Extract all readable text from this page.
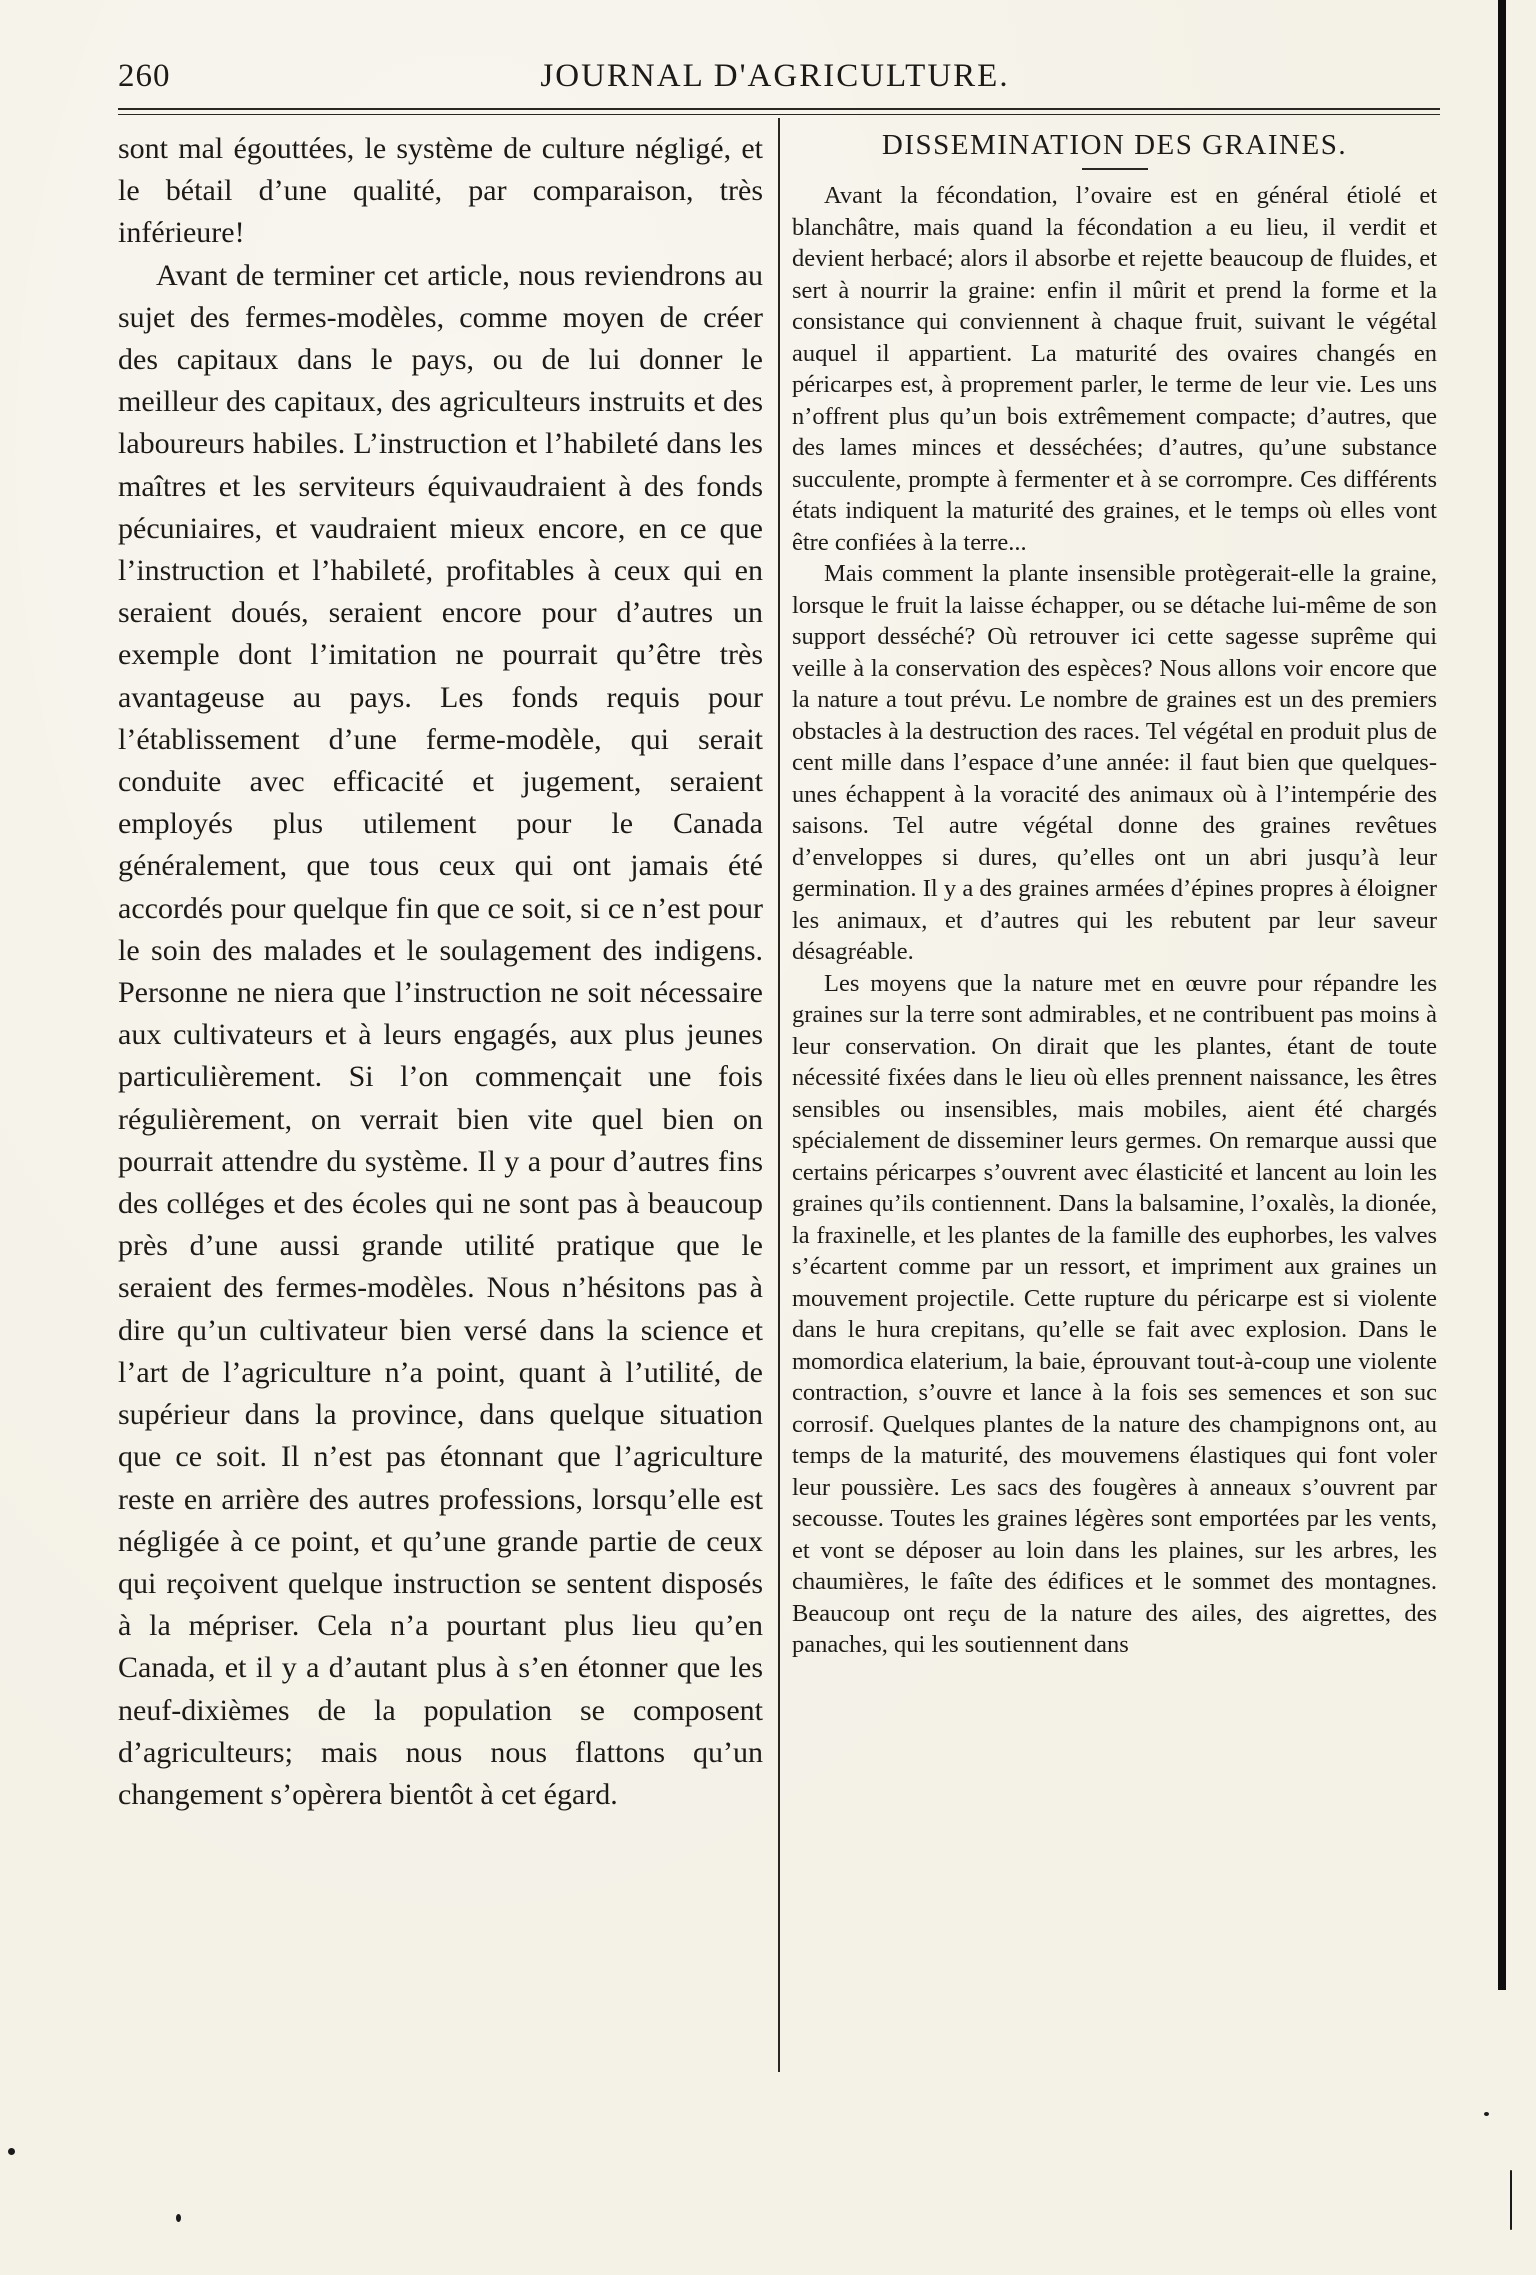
260	JOURNAL D'AGRICULTURE.

sont mal égouttées, le système de culture négligé, et le bétail d’une qualité, par comparaison, très inférieure!

Avant de terminer cet article, nous reviendrons au sujet des fermes-modèles, comme moyen de créer des capitaux dans le pays, ou de lui donner le meilleur des capitaux, des agriculteurs instruits et des laboureurs habiles. L’instruction et l’habileté dans les maîtres et les serviteurs équivaudraient à des fonds pécuniaires, et vaudraient mieux encore, en ce que l’instruction et l’habileté, profitables à ceux qui en seraient doués, seraient encore pour d’autres un exemple dont l’imitation ne pourrait qu’être très avantageuse au pays. Les fonds requis pour l’établissement d’une ferme-modèle, qui serait conduite avec efficacité et jugement, seraient employés plus utilement pour le Canada généralement, que tous ceux qui ont jamais été accordés pour quelque fin que ce soit, si ce n’est pour le soin des malades et le soulagement des indigens. Personne ne niera que l’instruction ne soit nécessaire aux cultivateurs et à leurs engagés, aux plus jeunes particulièrement. Si l’on commençait une fois régulièrement, on verrait bien vite quel bien on pourrait attendre du système. Il y a pour d’autres fins des colléges et des écoles qui ne sont pas à beaucoup près d’une aussi grande utilité pratique que le seraient des fermes-modèles. Nous n’hésitons pas à dire qu’un cultivateur bien versé dans la science et l’art de l’agriculture n’a point, quant à l’utilité, de supérieur dans la province, dans quelque situation que ce soit. Il n’est pas étonnant que l’agriculture reste en arrière des autres professions, lorsqu’elle est négligée à ce point, et qu’une grande partie de ceux qui reçoivent quelque instruction se sentent disposés à la mépriser. Cela n’a pourtant plus lieu qu’en Canada, et il y a d’autant plus à s’en étonner que les neuf-dixièmes de la population se composent d’agriculteurs; mais nous nous flattons qu’un changement s’opèrera bientôt à cet égard.

DISSEMINATION DES GRAINES.

Avant la fécondation, l’ovaire est en général étiolé et blanchâtre, mais quand la fécondation a eu lieu, il verdit et devient herbacé; alors il absorbe et rejette beaucoup de fluides, et sert à nourrir la graine: enfin il mûrit et prend la forme et la consistance qui conviennent à chaque fruit, suivant le végétal auquel il appartient. La maturité des ovaires changés en péricarpes est, à proprement parler, le terme de leur vie. Les uns n’offrent plus qu’un bois extrêmement compacte; d’autres, que des lames minces et desséchées; d’autres, qu’une substance succulente, prompte à fermenter et à se corrompre. Ces différents états indiquent la maturité des graines, et le temps où elles vont être confiées à la terre...

Mais comment la plante insensible protègerait-elle la graine, lorsque le fruit la laisse échapper, ou se détache lui-même de son support desséché? Où retrouver ici cette sagesse suprême qui veille à la conservation des espèces? Nous allons voir encore que la nature a tout prévu. Le nombre de graines est un des premiers obstacles à la destruction des races. Tel végétal en produit plus de cent mille dans l’espace d’une année: il faut bien que quelques-unes échappent à la voracité des animaux où à l’intempérie des saisons. Tel autre végétal donne des graines revêtues d’enveloppes si dures, qu’elles ont un abri jusqu’à leur germination. Il y a des graines armées d’épines propres à éloigner les animaux, et d’autres qui les rebutent par leur saveur désagréable.

Les moyens que la nature met en œuvre pour répandre les graines sur la terre sont admirables, et ne contribuent pas moins à leur conservation. On dirait que les plantes, étant de toute nécessité fixées dans le lieu où elles prennent naissance, les êtres sensibles ou insensibles, mais mobiles, aient été chargés spécialement de disseminer leurs germes. On remarque aussi que certains péricarpes s’ouvrent avec élasticité et lancent au loin les graines qu’ils contiennent. Dans la balsamine, l’oxalès, la dionée, la fraxinelle, et les plantes de la famille des euphorbes, les valves s’écartent comme par un ressort, et impriment aux graines un mouvement projectile. Cette rupture du péricarpe est si violente dans le hura crepitans, qu’elle se fait avec explosion. Dans le momordica elaterium, la baie, éprouvant tout-à-coup une violente contraction, s’ouvre et lance à la fois ses semences et son suc corrosif. Quelques plantes de la nature des champignons ont, au temps de la maturité, des mouvemens élastiques qui font voler leur poussière. Les sacs des fougères à anneaux s’ouvrent par secousse. Toutes les graines légères sont emportées par les vents, et vont se déposer au loin dans les plaines, sur les arbres, les chaumières, le faîte des édifices et le sommet des montagnes. Beaucoup ont reçu de la nature des ailes, des aigrettes, des panaches, qui les soutiennent dans
